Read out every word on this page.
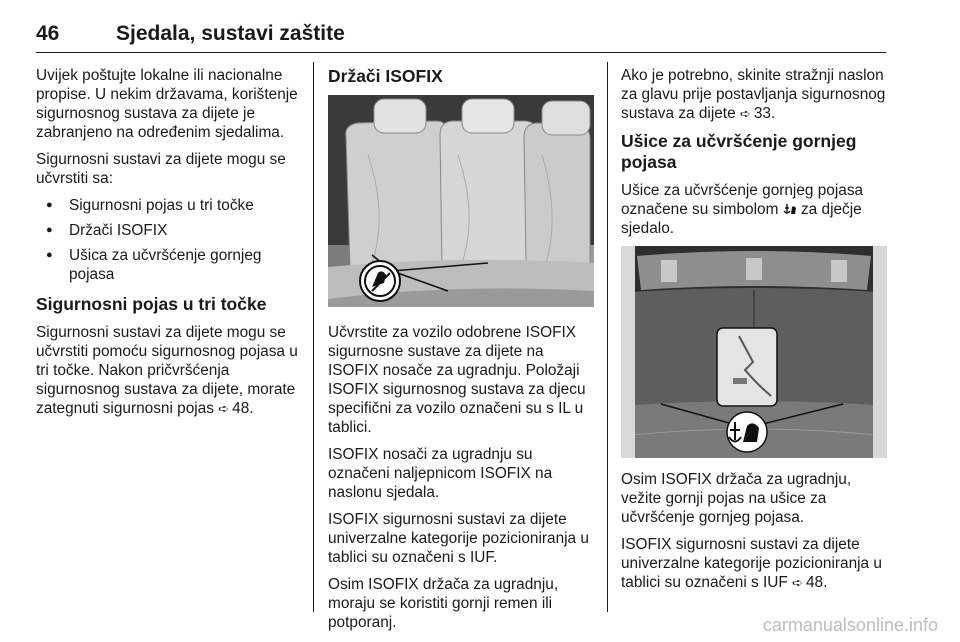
46	Sjedala, sustavi zaštite

Uvijek poštujte lokalne ili nacionalne propise. U nekim državama, korištenje sigurnosnog sustava za dijete je zabranjeno na određenim sjedalima.

Sigurnosni sustavi za dijete mogu se učvrstiti sa:

● Sigurnosni pojas u tri točke
● Držači ISOFIX
● Ušica za učvršćenje gornjeg pojasa
Sigurnosni pojas u tri točke

Sigurnosni sustavi za dijete mogu se učvrstiti pomoću sigurnosnog pojasa u tri točke. Nakon pričvršćenja sigurnosnog sustava za dijete, morate zategnuti sigurnosni pojas ➪ 48.

Držači ISOFIX

Učvrstite za vozilo odobrene ISOFIX sigurnosne sustave za dijete na ISOFIX nosače za ugradnju. Položaji ISOFIX sigurnosnog sustava za djecu specifični za vozilo označeni su s IL u tablici.

ISOFIX nosači za ugradnju su označeni naljepnicom ISOFIX na naslonu sjedala.

ISOFIX sigurnosni sustavi za dijete univerzalne kategorije pozicioniranja u tablici su označeni s IUF.

Osim ISOFIX držača za ugradnju, moraju se koristiti gornji remen ili potporanj.

Ako je potrebno, skinite stražnji naslon za glavu prije postavljanja sigurnosnog sustava za dijete ➪ 33.

Ušice za učvršćenje gornjeg pojasa

Ušice za učvršćenje gornjeg pojasa označene su simbolom za dječje sjedalo.

Osim ISOFIX držača za ugradnju, vežite gornji pojas na ušice za učvršćenje gornjeg pojasa.

ISOFIX sigurnosni sustavi za dijete univerzalne kategorije pozicioniranja u tablici su označeni s IUF ➪ 48.

carmanualsonline.info
